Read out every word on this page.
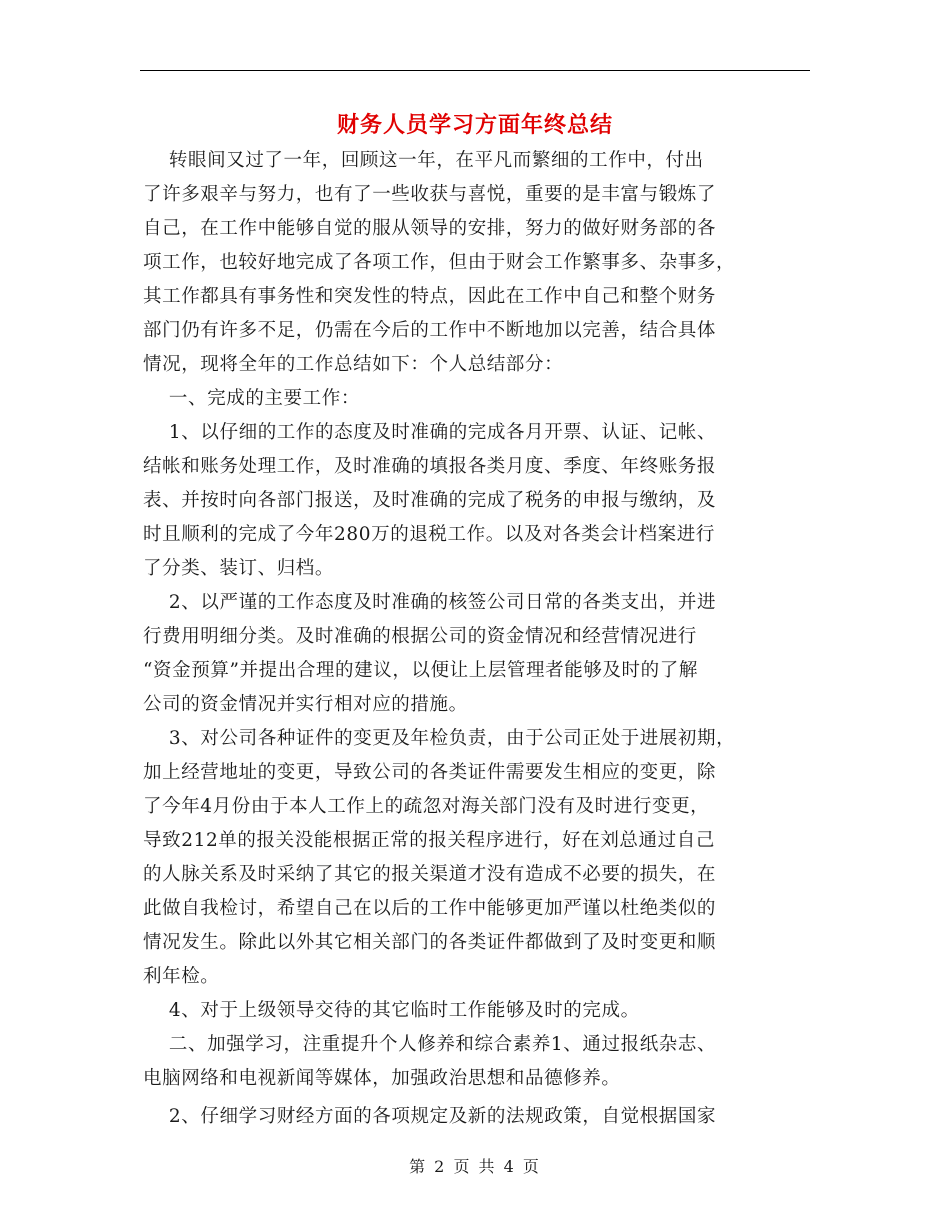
财务人员学习方面年终总结
转眼间又过了一年，回顾这一年，在平凡而繁细的工作中，付出
了许多艰辛与努力，也有了一些收获与喜悦，重要的是丰富与锻炼了
自己，在工作中能够自觉的服从领导的安排，努力的做好财务部的各
项工作，也较好地完成了各项工作，但由于财会工作繁事多、杂事多，
其工作都具有事务性和突发性的特点，因此在工作中自己和整个财务
部门仍有许多不足，仍需在今后的工作中不断地加以完善，结合具体
情况，现将全年的工作总结如下：个人总结部分：
一、完成的主要工作：
1、以仔细的工作的态度及时准确的完成各月开票、认证、记帐、
结帐和账务处理工作，及时准确的填报各类月度、季度、年终账务报
表、并按时向各部门报送，及时准确的完成了税务的申报与缴纳，及
时且顺利的完成了今年280万的退税工作。以及对各类会计档案进行
了分类、装订、归档。
2、以严谨的工作态度及时准确的核签公司日常的各类支出，并进
行费用明细分类。及时准确的根据公司的资金情况和经营情况进行
“资金预算”并提出合理的建议，以便让上层管理者能够及时的了解
公司的资金情况并实行相对应的措施。
3、对公司各种证件的变更及年检负责，由于公司正处于进展初期，
加上经营地址的变更，导致公司的各类证件需要发生相应的变更，除
了今年4月份由于本人工作上的疏忽对海关部门没有及时进行变更，
导致212单的报关没能根据正常的报关程序进行，好在刘总通过自己
的人脉关系及时采纳了其它的报关渠道才没有造成不必要的损失，在
此做自我检讨，希望自己在以后的工作中能够更加严谨以杜绝类似的
情况发生。除此以外其它相关部门的各类证件都做到了及时变更和顺
利年检。
4、对于上级领导交待的其它临时工作能够及时的完成。
二、加强学习，注重提升个人修养和综合素养1、通过报纸杂志、
电脑网络和电视新闻等媒体，加强政治思想和品德修养。
2、仔细学习财经方面的各项规定及新的法规政策，自觉根据国家
第 2 页 共 4 页
